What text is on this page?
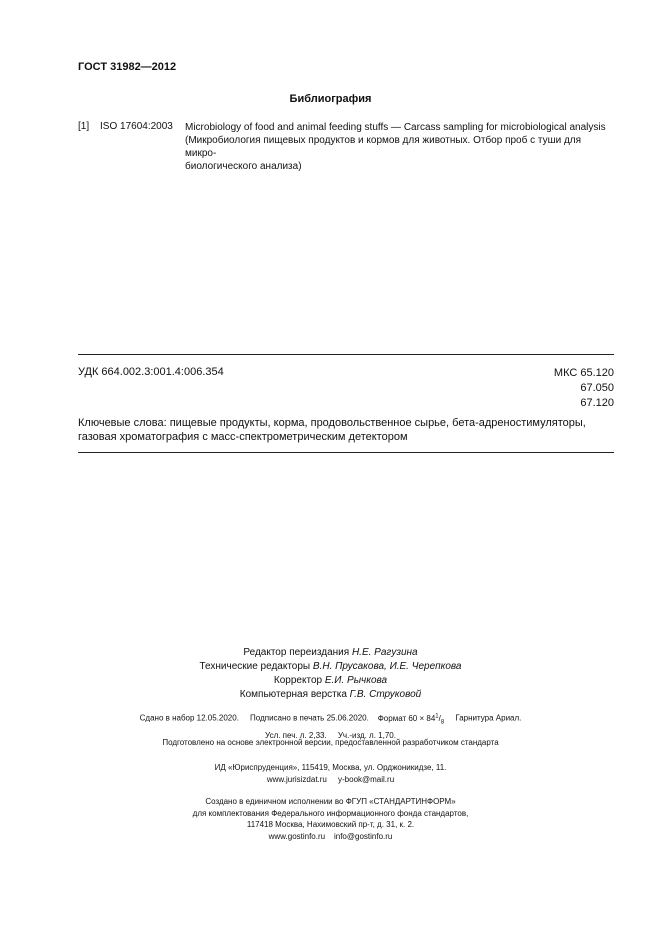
ГОСТ 31982—2012
Библиография
[1] ISO 17604:2003 Microbiology of food and animal feeding stuffs — Carcass sampling for microbiological analysis
(Микробиология пищевых продуктов и кормов для животных. Отбор проб с туши для микро-
биологического анализа)
УДК 664.002.3:001.4:006.354	МКС 65.120
67.050
67.120
Ключевые слова: пищевые продукты, корма, продовольственное сырье, бета-адреностимуляторы,
газовая хроматография с масс-спектрометрическим детектором
Редактор переиздания Н.Е. Рагузина
Технические редакторы В.Н. Прусакова, И.Е. Черепкова
Корректор Е.И. Рычкова
Компьютерная верстка Г.В. Струковой
Сдано в набор 12.05.2020. Подписано в печать 25.06.2020. Формат $60 \times 84^1/_8$ Гарнитура Ариал.
Усл. печ. л. 2,33. Уч.-изд. л. 1,70.
Подготовлено на основе электронной версии, предоставленной разработчиком стандарта
ИД «Юриспруденция», 115419, Москва, ул. Орджоникидзе, 11.
www.jurisizdat.ru y-book@mail.ru
Создано в единичном исполнении во ФГУП «СТАНДАРТИНФОРМ»
для комплектования Федерального информационного фонда стандартов,
117418 Москва, Нахимовский пр-т, д. 31, к. 2.
www.gostinfo.ru info@gostinfo.ru
